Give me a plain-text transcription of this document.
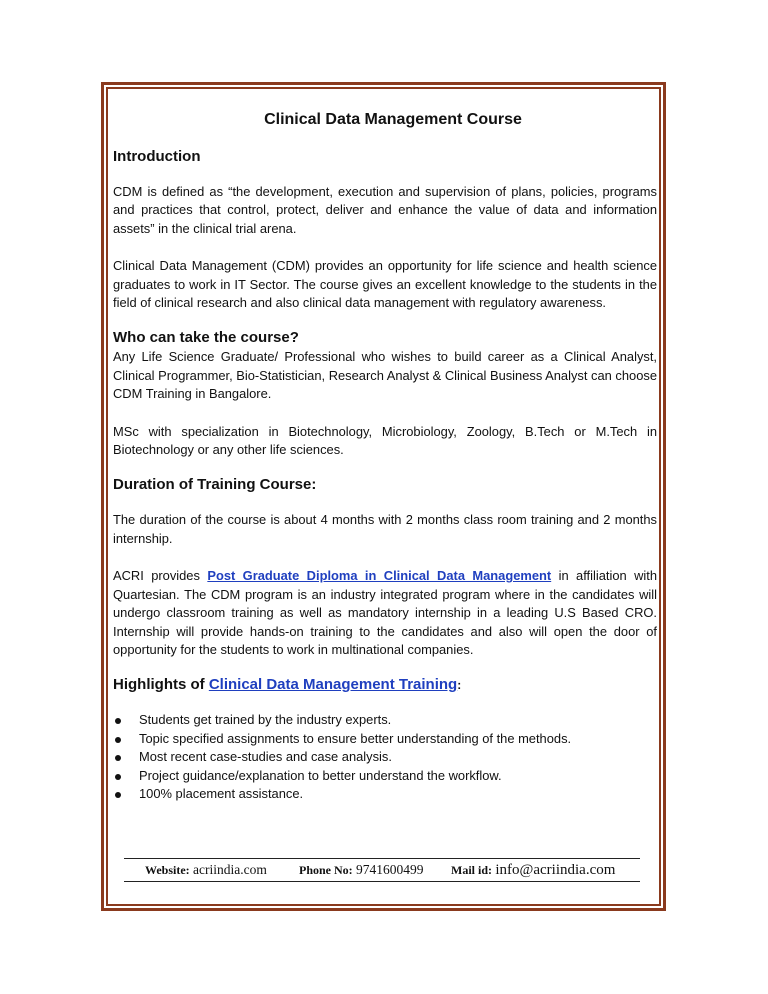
Clinical Data Management Course
Introduction

CDM is defined as “the development, execution and supervision of plans, policies, programs and practices that control, protect, deliver and enhance the value of data and information assets” in the clinical trial arena.

Clinical Data Management (CDM) provides an opportunity for life science and health science graduates to work in IT Sector. The course gives an excellent knowledge to the students in the field of clinical research and also clinical data management with regulatory awareness.

Who can take the course?

Any Life Science Graduate/ Professional who wishes to build career as a Clinical Analyst, Clinical Programmer, Bio-Statistician, Research Analyst & Clinical Business Analyst can choose CDM Training in Bangalore.

MSc with specialization in Biotechnology, Microbiology, Zoology, B.Tech or M.Tech in Biotechnology or any other life sciences.

Duration of Training Course:

The duration of the course is about 4 months with 2 months class room training and 2 months internship.

ACRI provides Post Graduate Diploma in Clinical Data Management in affiliation with Quartesian. The CDM program is an industry integrated program where in the candidates will undergo classroom training as well as mandatory internship in a leading U.S Based CRO. Internship will provide hands-on training to the candidates and also will open the door of opportunity for the students to work in multinational companies.

Highlights of Clinical Data Management Training:
Students get trained by the industry experts.
Topic specified assignments to ensure better understanding of the methods.
Most recent case-studies and case analysis.
Project guidance/explanation to better understand the workflow.
100% placement assistance.
Website: acriindia.com	Phone No: 9741600499 Mail id: info@acriindia.com
